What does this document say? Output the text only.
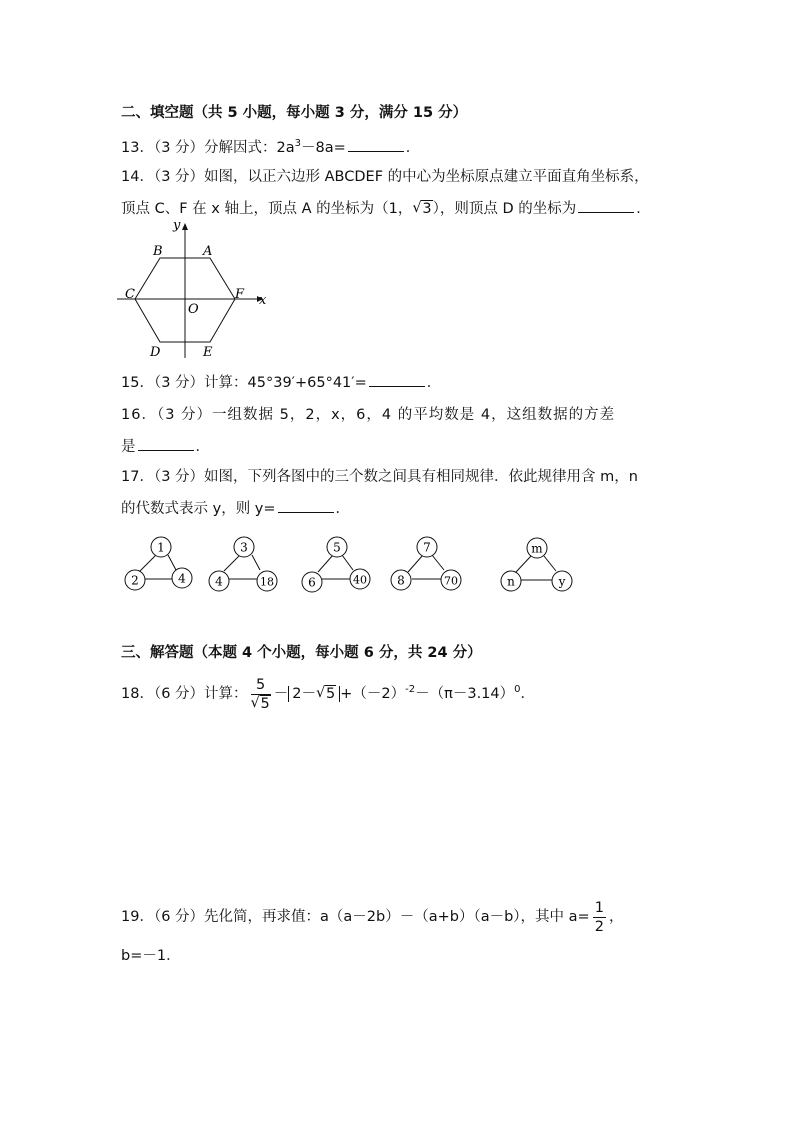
二、填空题（共 5 小题，每小题 3 分，满分 15 分）
13．（3 分）分解因式：$2a^3-8a=$	．
14．（3 分）如图，以正六边形 ABCDEF 的中心为坐标原点建立平面直角坐标系，
顶点 C、F 在 x 轴上，顶点 A 的坐标为（1， √ 3），则顶点 D 的坐标为	．
y
x
A
B
C	F
O
D	E
15．（3 分）计算：45°39′+65°41′=	．
16．（3 分）一组数据 5，2，x，6，4 的平均数是 4，这组数据的方差
是	．
17．（3 分）如图，下列各图中的三个数之间具有相同规律．依此规律用含 m，n
的代数式表示 y，则 y=	．
1
2	4
3
4	18
5
6	40
7
8	70
m
n	y
三、解答题（本题 4 个小题，每小题 6 分，共 24 分）
18．（6 分）计算： $\frac{5}{√ 5} - 2-$ √ $5 +(-2)^{-2}-(\pi-3.14)^0$．
19．（6 分）先化简，再求值：a（a－2b）－（a+b）（a－b），其中 $a= \frac{1}{2}$ ，
b=－1．
